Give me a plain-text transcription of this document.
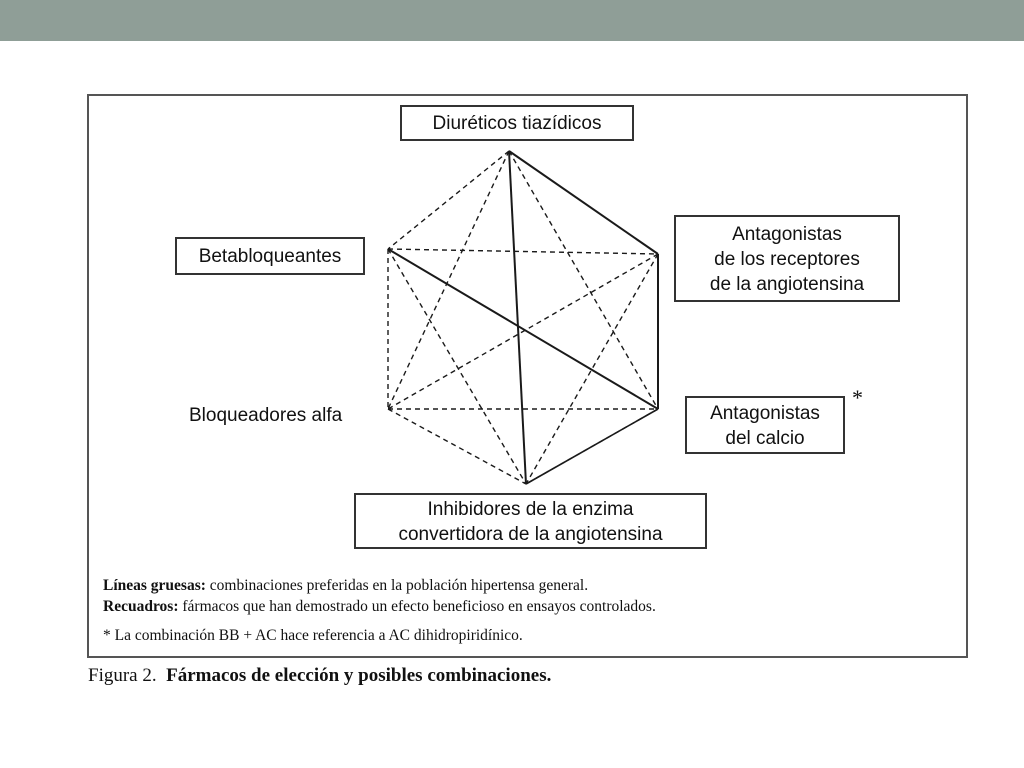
Diuréticos tiazídicos
Betabloqueantes
Antagonistas
de los receptores
de la angiotensina
Bloqueadores alfa	Antagonistas
del calcio
*
Inhibidores de la enzima
convertidora de la angiotensina
Líneas gruesas: combinaciones preferidas en la población hipertensa general.
Recuadros: fármacos que han demostrado un efecto beneficioso en ensayos controlados.
* La combinación BB + AC hace referencia a AC dihidropiridínico.
Figura 2. Fármacos de elección y posibles combinaciones.
